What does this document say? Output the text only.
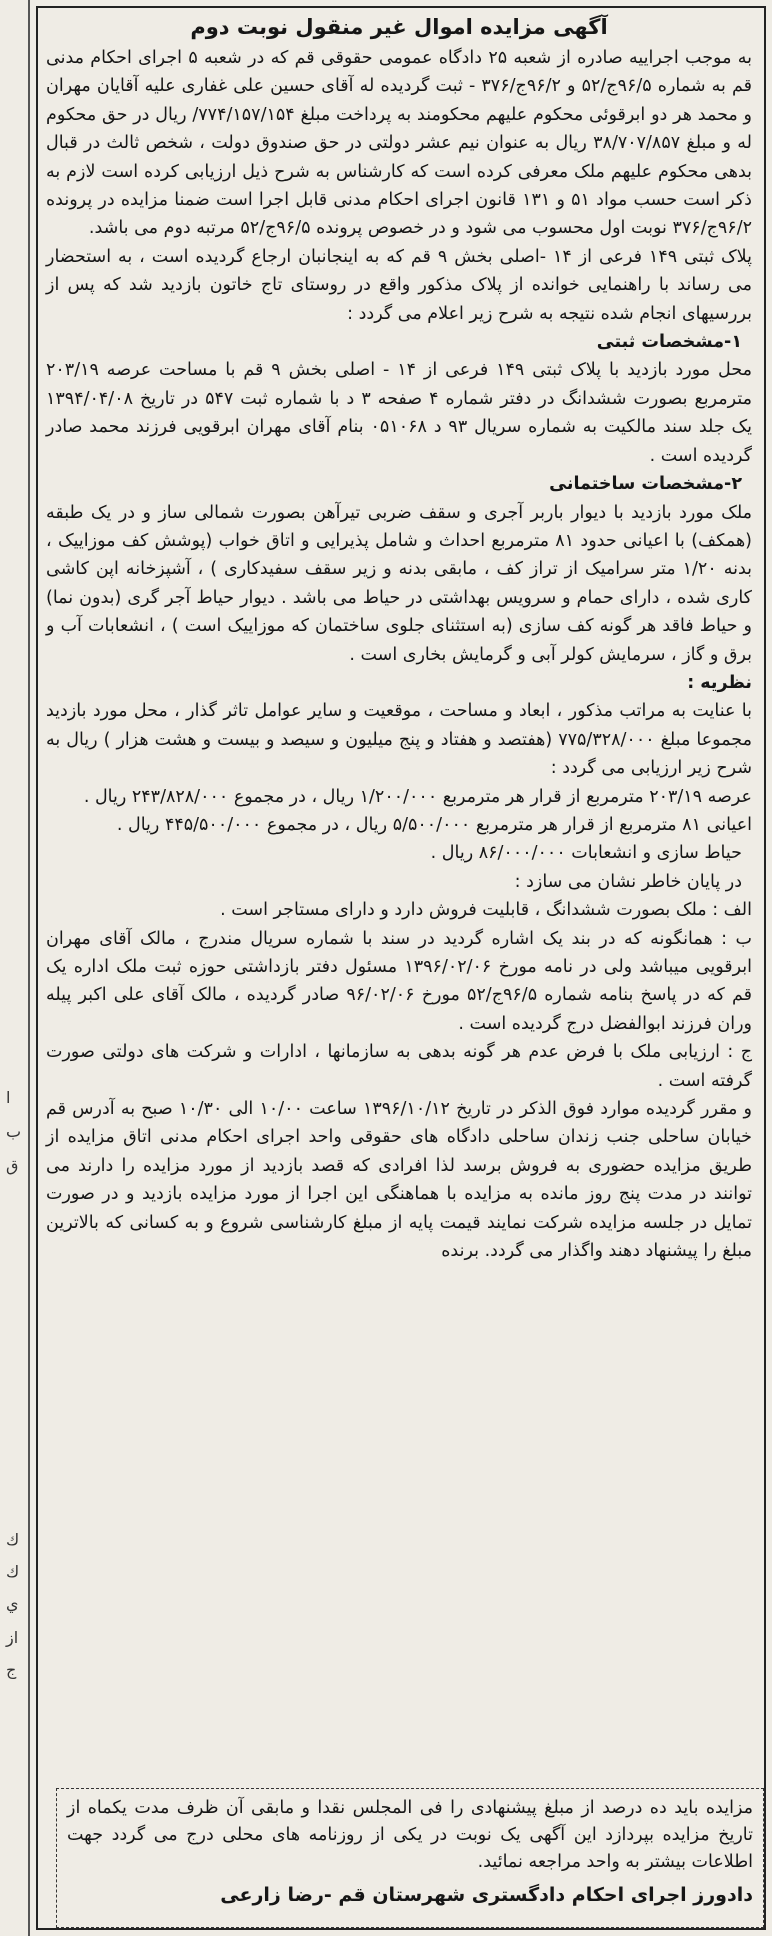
ا
ب
ق
ك
ك
ي
از
ج
آگهی مزایده اموال غیر منقول نوبت دوم

به موجب اجراییه صادره از شعبه ۲۵ دادگاه عمومی حقوقی قم که در شعبه ۵ اجرای احکام مدنی قم به شماره ۹۶/۵ج/۵۲ و ۹۶/۲ج/۳۷۶ - ثبت گردیده له آقای حسین علی غفاری علیه آقایان مهران و محمد هر دو ابرقوئی محکوم علیهم محکومند به پرداخت مبلغ ۷۷۴/۱۵۷/۱۵۴/ ریال در حق محکوم له و مبلغ ۳۸/۷۰۷/۸۵۷ ریال به عنوان نیم عشر دولتی در حق صندوق دولت ، شخص ثالث در قبال بدهی محکوم علیهم ملک معرفی کرده است که کارشناس به شرح ذیل ارزیابی کرده است لازم به ذکر است حسب مواد ۵۱ و ۱۳۱ قانون اجرای احکام مدنی قابل اجرا است ضمنا مزایده در پرونده ۹۶/۲ج/۳۷۶ نوبت اول محسوب می شود و در خصوص پرونده ۹۶/۵ج/۵۲ مرتبه دوم می باشد.

پلاک ثبتی ۱۴۹ فرعی از ۱۴ -اصلی بخش ۹ قم که به اینجانبان ارجاع گردیده است ، به استحضار می رساند با راهنمایی خوانده از پلاک مذکور واقع در روستای تاج خاتون بازدید شد که پس از بررسیهای انجام شده نتیجه به شرح زیر اعلام می گردد :

۱-مشخصات ثبتی

محل مورد بازدید با پلاک ثبتی ۱۴۹ فرعی از ۱۴ - اصلی بخش ۹ قم با مساحت عرصه ۲۰۳/۱۹ مترمربع بصورت ششدانگ در دفتر شماره ۴ صفحه ۳ د با شماره ثبت ۵۴۷ در تاریخ ۱۳۹۴/۰۴/۰۸ یک جلد سند مالکیت به شماره سریال ۹۳ د ۰۵۱۰۶۸ بنام آقای مهران ابرقویی فرزند محمد صادر گردیده است .

۲-مشخصات ساختمانی

ملک مورد بازدید با دیوار باربر آجری و سقف ضربی تیرآهن بصورت شمالی ساز و در یک طبقه (همکف) با اعیانی حدود ۸۱ مترمربع احداث و شامل پذیرایی و اتاق خواب (پوشش کف موزاییک ، بدنه ۱/۲۰ متر سرامیک از تراز کف ، مابقی بدنه و زیر سقف سفیدکاری ) ، آشپزخانه اپن کاشی کاری شده ، دارای حمام و سرویس بهداشتی در حیاط می باشد . دیوار حیاط آجر گری (بدون نما) و حیاط فاقد هر گونه کف سازی (به استثنای جلوی ساختمان که موزاییک است ) ، انشعابات آب و برق و گاز ، سرمایش کولر آبی و گرمایش بخاری است .

نظریه :

با عنایت به مراتب مذکور ، ابعاد و مساحت ، موقعیت و سایر عوامل تاثر گذار ، محل مورد بازدید مجموعا مبلغ ۷۷۵/۳۲۸/۰۰۰ (هفتصد و هفتاد و پنج میلیون و سیصد و بیست و هشت هزار ) ریال به شرح زیر ارزیابی می گردد :

عرصه ۲۰۳/۱۹ مترمربع از قرار هر مترمربع ۱/۲۰۰/۰۰۰ ریال ، در مجموع ۲۴۳/۸۲۸/۰۰۰ ریال .

اعیانی ۸۱ مترمربع از قرار هر مترمربع ۵/۵۰۰/۰۰۰ ریال ، در مجموع ۴۴۵/۵۰۰/۰۰۰ ریال .

حیاط سازی و انشعابات ۸۶/۰۰۰/۰۰۰ ریال .

در پایان خاطر نشان می سازد :

الف : ملک بصورت ششدانگ ، قابلیت فروش دارد و دارای مستاجر است .

ب : همانگونه که در بند یک اشاره گردید در سند با شماره سریال مندرج ، مالک آقای مهران ابرقویی میباشد ولی در نامه مورخ ۱۳۹۶/۰۲/۰۶ مسئول دفتر بازداشتی حوزه ثبت ملک اداره یک قم که در پاسخ بنامه شماره ۹۶/۵ج/۵۲ مورخ ۹۶/۰۲/۰۶ صادر گردیده ، مالک آقای علی اکبر پیله وران فرزند ابوالفضل درج گردیده است .

ج : ارزیابی ملک با فرض عدم هر گونه بدهی به سازمانها ، ادارات و شرکت های دولتی صورت گرفته است .

و مقرر گردیده موارد فوق الذکر در تاریخ ۱۳۹۶/۱۰/۱۲ ساعت ۱۰/۰۰ الی ۱۰/۳۰ صبح به آدرس قم خیابان ساحلی جنب زندان ساحلی دادگاه های حقوقی واحد اجرای احکام مدنی اتاق مزایده از طریق مزایده حضوری به فروش برسد لذا افرادی که قصد بازدید از مورد مزایده را دارند می توانند در مدت پنج روز مانده به مزایده با هماهنگی این اجرا از مورد مزایده بازدید و در صورت تمایل در جلسه مزایده شرکت نمایند قیمت پایه از مبلغ کارشناسی شروع و به کسانی که بالاترین مبلغ را پیشنهاد دهند واگذار می گردد. برنده

مزایده باید ده درصد از مبلغ پیشنهادی را فی المجلس نقدا و مابقی آن ظرف مدت یکماه از تاریخ مزایده بپردازد این آگهی یک نوبت در یکی از روزنامه های محلی درج می گردد جهت اطلاعات بیشتر به واحد مراجعه نمائید.

دادورز اجرای احکام دادگستری شهرستان قم -رضا زارعی
